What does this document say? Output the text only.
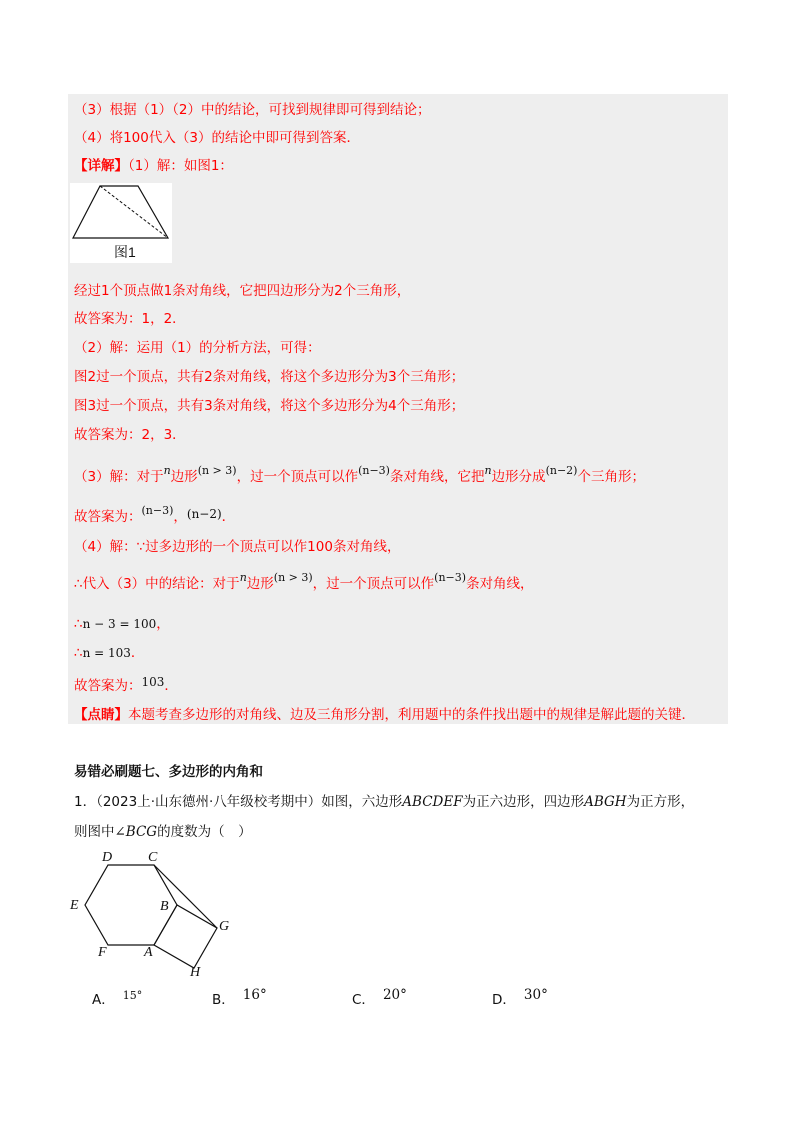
（3）根据（1）（2）中的结论，可找到规律即可得到结论；
（4）将100代入（3）的结论中即可得到答案．
【详解】（1）解：如图1：
图1
经过1个顶点做1条对角线，它把四边形分为2个三角形，
故答案为：1，2．
（2）解：运用（1）的分析方法，可得：
图2过一个顶点，共有2条对角线，将这个多边形分为3个三角形；
图3过一个顶点，共有3条对角线，将这个多边形分为4个三角形；
故答案为：2，3．
（3）解：对于$^n$边形$^{(n > 3)}$，过一个顶点可以作$^{(n-3)}$条对角线，它把$^n$边形分成$^{(n-2)}$个三角形；
故答案为：$^{(n-3)}$，(n−2)．
（4）解：∵过多边形的一个顶点可以作100条对角线，
∴代入（3）中的结论：对于$^n$边形$^{(n > 3)}$，过一个顶点可以作$^{(n-3)}$条对角线，
∴n − 3 = 100，
∴n = 103．
故答案为：103．
【点睛】本题考查多边形的对角线、边及三角形分割，利用题中的条件找出题中的规律是解此题的关键．
易错必刷题七、多边形的内角和
1．（2023上·山东德州·八年级校考期中）如图，六边形ABCDEF为正六边形，四边形ABGH为正方形，
则图中∠BCG的度数为（　）
D	C
E	B
G
F	A
H
A． $^{15^\circ}$	B． 16°	C． 20°	D． 30°
